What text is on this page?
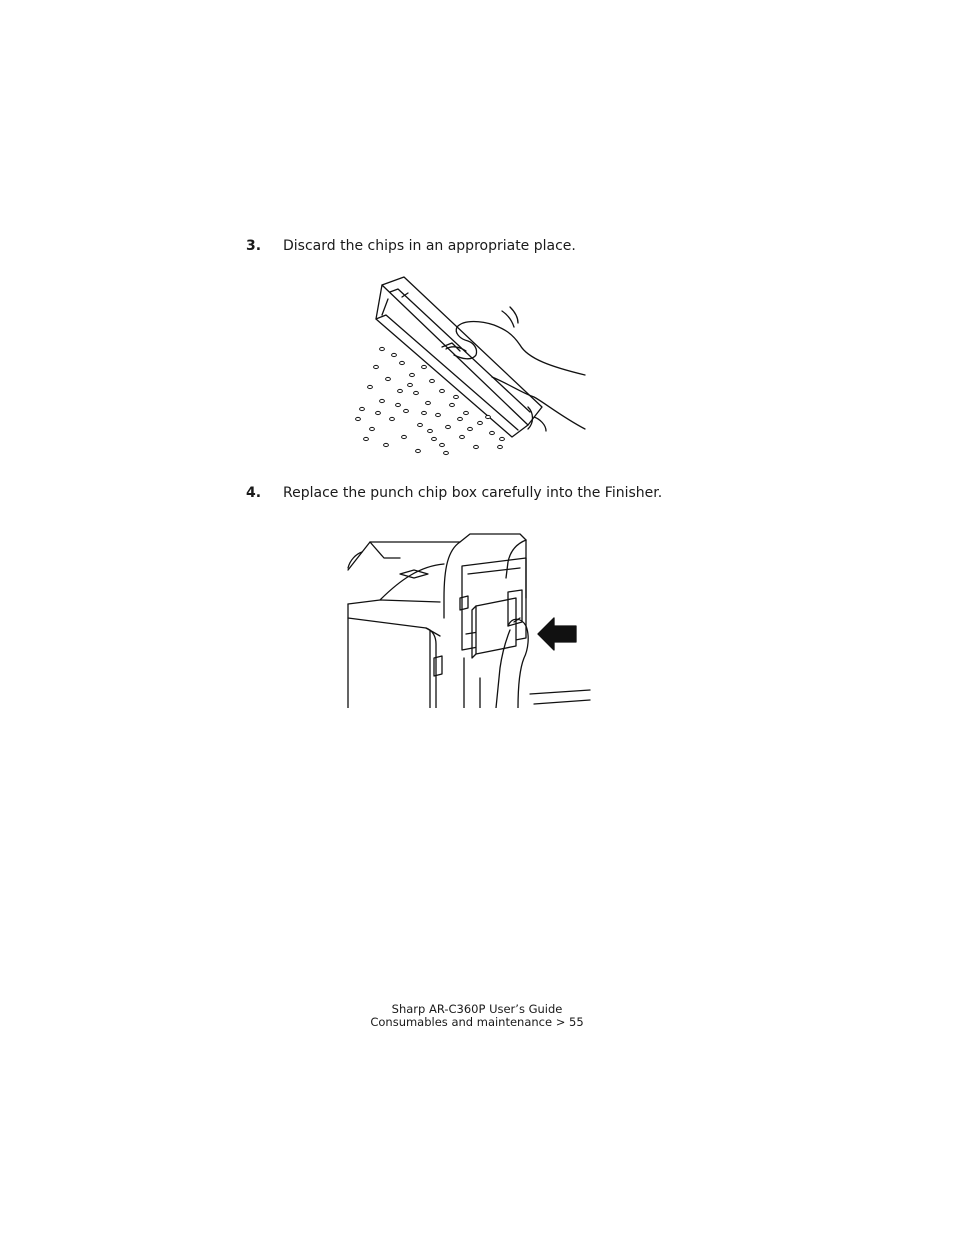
3. Discard the chips in an appropriate place.
4. Replace the punch chip box carefully into the Finisher.
Sharp AR-C360P User’s Guide
Consumables and maintenance > 55
